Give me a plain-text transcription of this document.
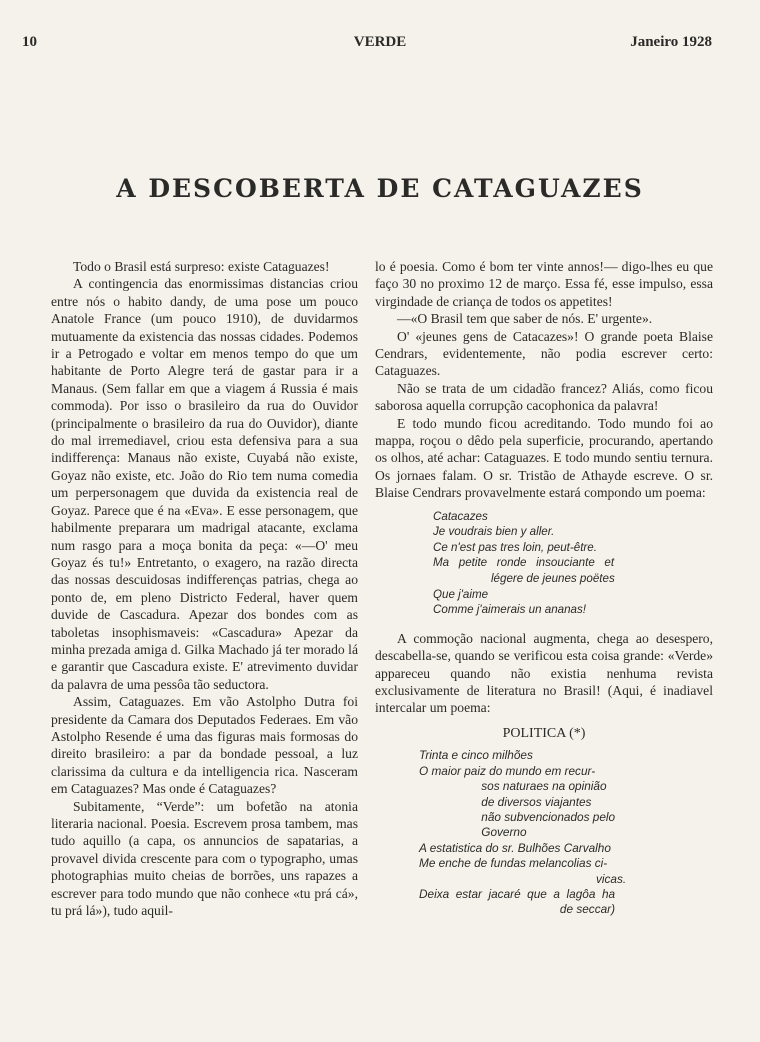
10	VERDE	Janeiro 1928
A DESCOBERTA DE CATAGUAZES

Todo o Brasil está surpreso: existe Cataguazes!

A contingencia das enormissimas distancias criou entre nós o habito dandy, de uma pose um pouco Anatole France (um pouco 1910), de duvidarmos mutuamente da existencia das nossas cidades. Podemos ir a Petrogado e voltar em menos tempo do que um habitante de Porto Alegre terá de gastar para ir a Manaus. (Sem fallar em que a viagem á Russia é mais commoda). Por isso o brasileiro da rua do Ouvidor (principalmente o brasileiro da rua do Ouvidor), diante do mal irremediavel, criou esta defensiva para a sua indifferença: Manaus não existe, Cuyabá não existe, Goyaz não existe, etc. João do Rio tem numa comedia um perpersonagem que duvida da existencia real de Goyaz. Parece que é na «Eva». E esse personagem, que habilmente preparara um madrigal atacante, exclama num rasgo para a moça bonita da peça: «—O' meu Goyaz és tu!» Entretanto, o exagero, na razão directa das nossas descuidosas indifferenças patrias, chega ao ponto de, em pleno Districto Federal, haver quem duvide de Cascadura. Apezar dos bondes com as taboletas insophismaveis: «Cascadura» Apezar da minha prezada amiga d. Gilka Machado já ter morado lá e garantir que Cascadura existe. E' atrevimento duvidar da palavra de uma pessôa tão seductora.

Assim, Cataguazes. Em vão Astolpho Dutra foi presidente da Camara dos Deputados Federaes. Em vão Astolpho Resende é uma das figuras mais formosas do direito brasileiro: a par da bondade pessoal, a luz clarissima da cultura e da intelligencia rica. Nasceram em Cataguazes? Mas onde é Cataguazes?

Subitamente, “Verde”: um bofetão na atonia literaria nacional. Poesia. Escrevem prosa tambem, mas tudo aquillo (a capa, os annuncios de sapatarias, a provavel divida crescente para com o typographo, umas photographias muito cheias de borrões, uns rapazes a escrever para todo mundo que não conhece «tu prá cá», tu prá lá»), tudo aquil-

lo é poesia. Como é bom ter vinte annos!— digo-lhes eu que faço 30 no proximo 12 de março. Essa fé, esse impulso, essa virgindade de criança de todos os appetites!

—«O Brasil tem que saber de nós. E' urgente».

O' «jeunes gens de Catacazes»! O grande poeta Blaise Cendrars, evidentemente, não podia escrever certo: Cataguazes.

Não se trata de um cidadão francez? Aliás, como ficou saborosa aquella corrupção cacophonica da palavra!

E todo mundo ficou acreditando. Todo mundo foi ao mappa, roçou o dêdo pela superficie, procurando, apertando os olhos, até achar: Cataguazes. E todo mundo sentiu ternura. Os jornaes falam. O sr. Tristão de Athayde escreve. O sr. Blaise Cendrars provavelmente estará compondo um poema:

Catacazes
Je voudrais bien y aller.
Ce n'est pas tres loin, peut-être.
Ma   petite   ronde   insouciante   et
légere de jeunes poëtes
Que j'aime
Comme j'aimerais un ananas!

A commoção nacional augmenta, chega ao desespero, descabella-se, quando se verificou esta coisa grande: «Verde» appareceu quando não existia nenhuma revista exclusivamente de literatura no Brasil! (Aqui, é inadiavel intercalar um poema:

POLITICA (*)
Trinta e cinco milhões
O maior paiz do mundo em recur-
sos naturaes na opinião
de diversos viajantes
não subvencionados pelo
Governo
A estatistica do sr. Bulhões Carvalho
Me enche de fundas melancolias ci-
vicas.
Deixa  estar  jacaré  que  a  lagôa  ha
de seccar)
